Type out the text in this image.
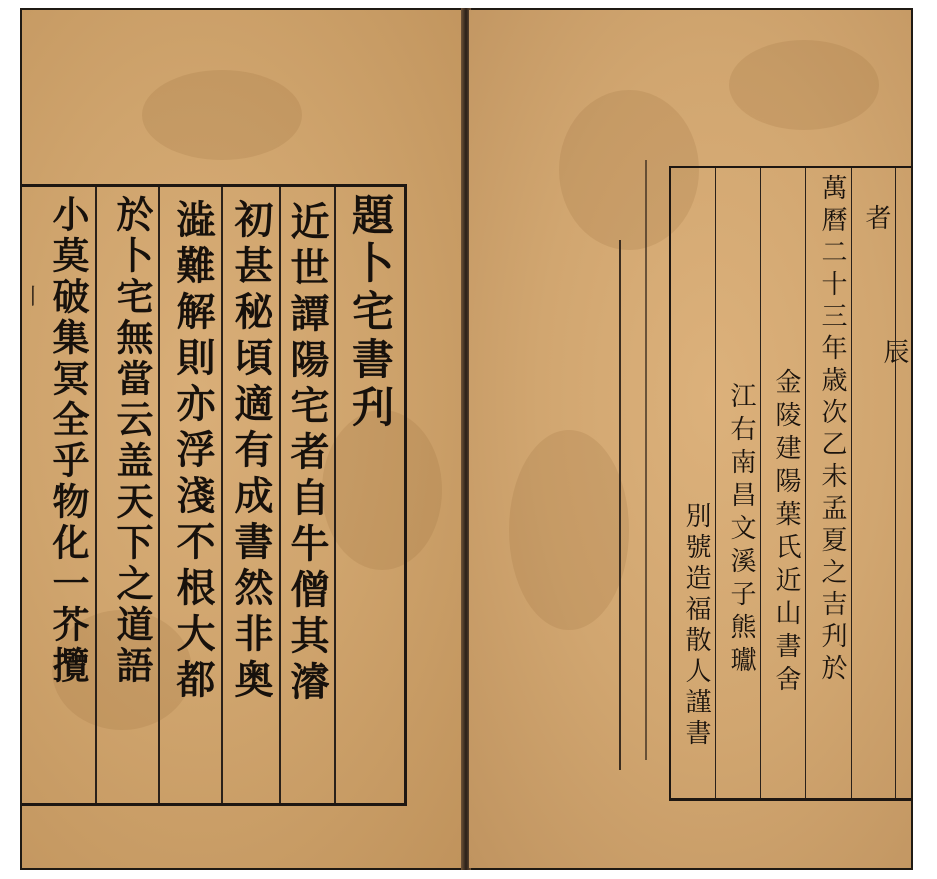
丨	題卜宅書刋
近世譚陽宅者自牛僧其濬
初甚秘頃適有成書然非奥
澁難解則亦浮淺不根大都
於卜宅無當云盖天下之道語
小莫破集冥全乎物化一芥攬	辰
者
萬曆二十三年歳次乙未孟夏之吉刋於
金陵建陽葉氏近山書舍
江右南昌文溪子熊瓛
別號造福散人謹書
